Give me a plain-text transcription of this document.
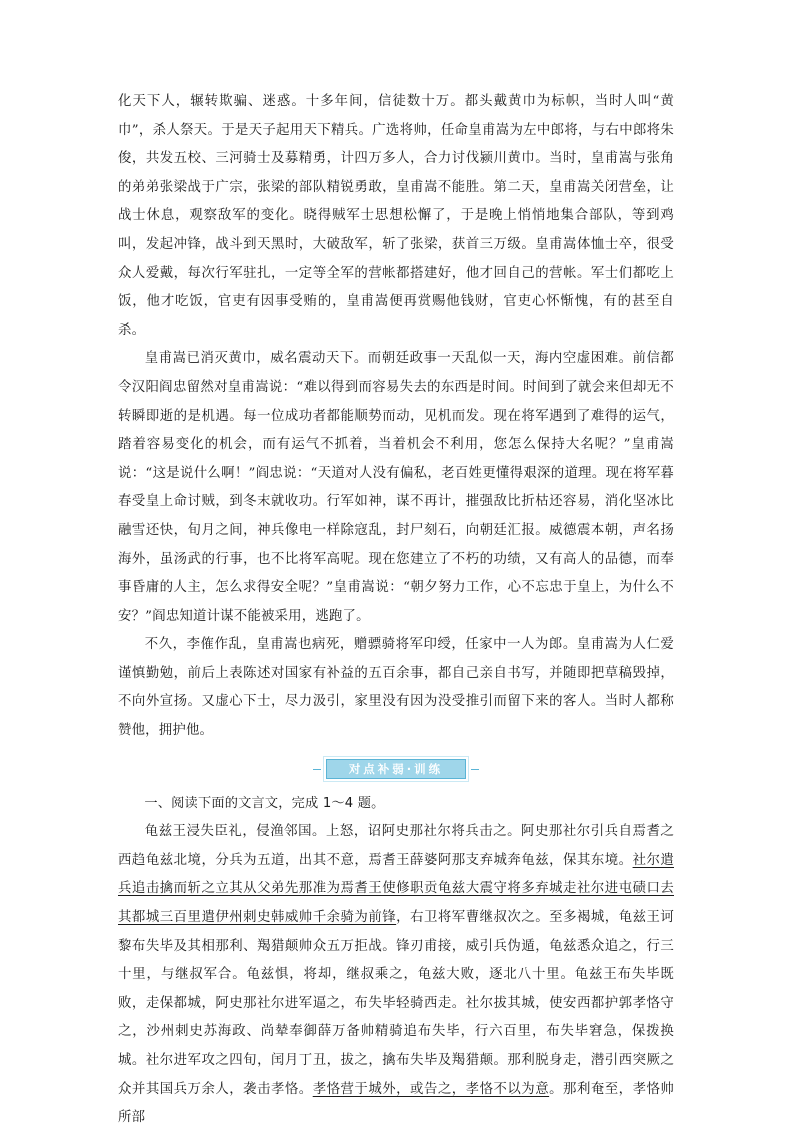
化天下人，辗转欺骗、迷惑。十多年间，信徒数十万。都头戴黄巾为标帜，当时人叫“黄巾”，杀人祭天。于是天子起用天下精兵。广选将帅，任命皇甫嵩为左中郎将，与右中郎将朱俊，共发五校、三河骑士及募精勇，计四万多人，合力讨伐颍川黄巾。当时，皇甫嵩与张角的弟弟张梁战于广宗，张梁的部队精锐勇敢，皇甫嵩不能胜。第二天，皇甫嵩关闭营垒，让战士休息，观察敌军的变化。晓得贼军士思想松懈了，于是晚上悄悄地集合部队，等到鸡叫，发起冲锋，战斗到天黑时，大破敌军，斩了张梁，获首三万级。皇甫嵩体恤士卒，很受众人爱戴，每次行军驻扎，一定等全军的营帐都搭建好，他才回自己的营帐。军士们都吃上饭，他才吃饭，官吏有因事受贿的，皇甫嵩便再赏赐他钱财，官吏心怀惭愧，有的甚至自杀。

皇甫嵩已消灭黄巾，威名震动天下。而朝廷政事一天乱似一天，海内空虚困难。前信都令汉阳阎忠留然对皇甫嵩说：“难以得到而容易失去的东西是时间。时间到了就会来但却无不转瞬即逝的是机遇。每一位成功者都能顺势而动，见机而发。现在将军遇到了难得的运气，踏着容易变化的机会，而有运气不抓着，当着机会不利用，您怎么保持大名呢？”皇甫嵩说：“这是说什么啊！”阎忠说：“天道对人没有偏私，老百姓更懂得艰深的道理。现在将军暮春受皇上命讨贼，到冬末就收功。行军如神，谋不再计，摧强敌比折枯还容易，消化坚冰比融雪还快，旬月之间，神兵像电一样除寇乱，封尸刻石，向朝廷汇报。威德震本朝，声名扬海外，虽汤武的行事，也不比将军高呢。现在您建立了不朽的功绩，又有高人的品德，而奉事昏庸的人主，怎么求得安全呢？”皇甫嵩说：“朝夕努力工作，心不忘忠于皇上，为什么不安？”阎忠知道计谋不能被采用，逃跑了。

不久，李傕作乱，皇甫嵩也病死，赠骠骑将军印绶，任家中一人为郎。皇甫嵩为人仁爱谨慎勤勉，前后上表陈述对国家有补益的五百余事，都自己亲自书写，并随即把草稿毁掉，不向外宣扬。又虚心下士，尽力汲引，家里没有因为没受推引而留下来的客人。当时人都称赞他，拥护他。

对点补弱·训练

一、阅读下面的文言文，完成 1～4 题。

龟兹王浸失臣礼，侵渔邻国。上怒，诏阿史那社尔将兵击之。阿史那社尔引兵自焉耆之西趋龟兹北境，分兵为五道，出其不意，焉耆王薛婆阿那支弃城奔龟兹，保其东境。社尔遣兵追击擒而斩之立其从父弟先那准为焉耆王使修职贡龟兹大震守将多弃城走社尔进屯碛口去其都城三百里遣伊州刺史韩威帅千余骑为前锋，右卫将军曹继叔次之。至多褐城，龟兹王诃黎布失毕及其相那利、羯猎颠帅众五万拒战。锋刃甫接，威引兵伪遁，龟兹悉众追之，行三十里，与继叔军合。龟兹惧，将却，继叔乘之，龟兹大败，逐北八十里。龟兹王布失毕既败，走保都城，阿史那社尔进军逼之，布失毕轻骑西走。社尔拔其城，使安西都护郭孝恪守之，沙州刺史苏海政、尚辇奉御薛万备帅精骑追布失毕，行六百里，布失毕窘急，保拨换城。社尔进军攻之四旬，闰月丁丑，拔之，擒布失毕及羯猎颠。那利脱身走，潜引西突厥之众并其国兵万余人，袭击孝恪。孝恪营于城外，或告之，孝恪不以为意。那利奄至，孝恪帅所部
